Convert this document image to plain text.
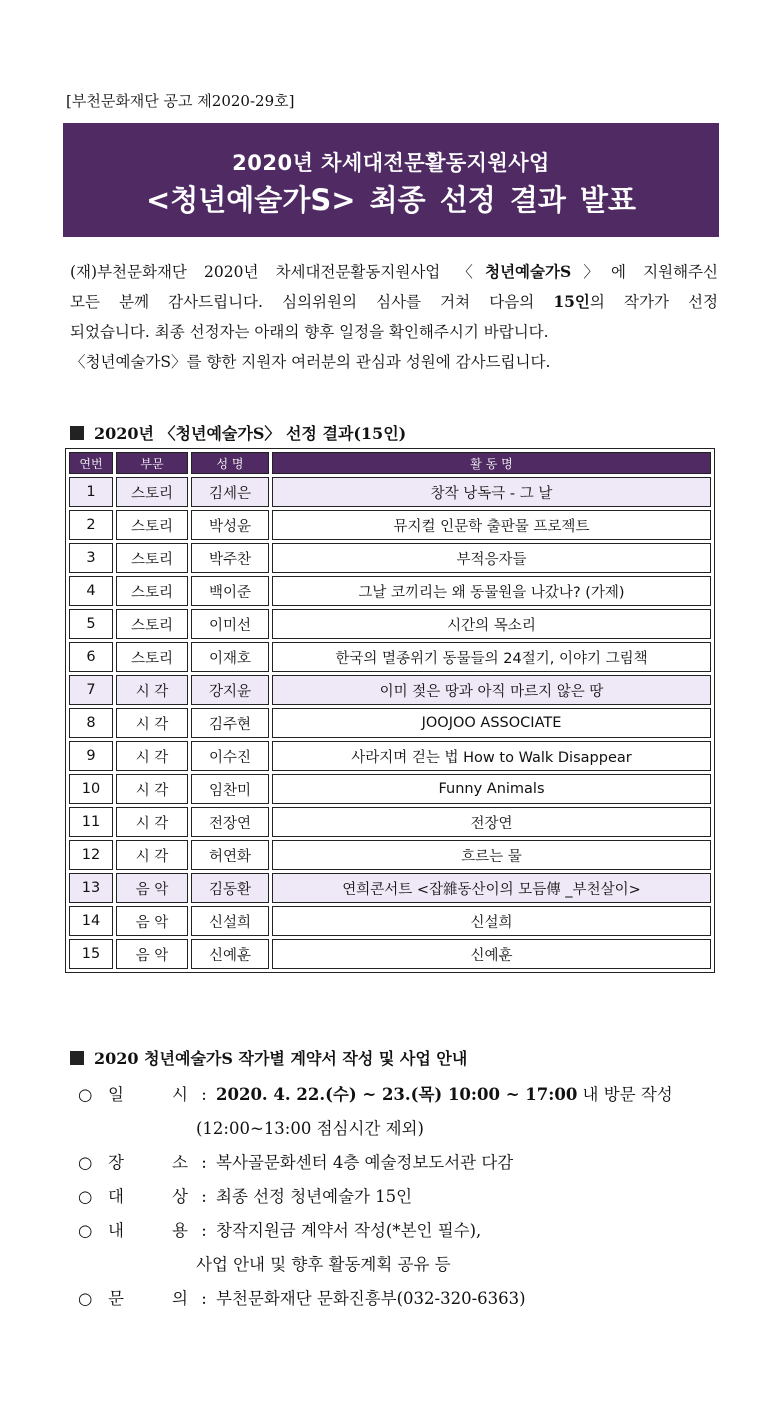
[부천문화재단 공고 제2020-29호]
2020년 차세대전문활동지원사업
<청년예술가S> 최종 선정 결과 발표

(재)부천문화재단 2020년 차세대전문활동지원사업 〈청년예술가S〉에 지원해주신

모든 분께 감사드립니다. 심의위원의 심사를 거쳐 다음의 15인의 작가가 선정

되었습니다. 최종 선정자는 아래의 향후 일정을 확인해주시기 바랍니다.

〈청년예술가S〉를 향한 지원자 여러분의 관심과 성원에 감사드립니다.

2020년 〈청년예술가S〉 선정 결과(15인)
연번	부문	성 명	활 동 명
1	스토리	김세은	창작 낭독극 - 그 날
2	스토리	박성윤	뮤지컬 인문학 출판물 프로젝트
3	스토리	박주찬	부적응자들
4	스토리	백이준	그날 코끼리는 왜 동물원을 나갔나? (가제)
5	스토리	이미선	시간의 목소리
6	스토리	이재호	한국의 멸종위기 동물들의 24절기, 이야기 그림책
7	시 각	강지윤	이미 젖은 땅과 아직 마르지 않은 땅
8	시 각	김주현	JOOJOO ASSOCIATE
9	시 각	이수진	사라지며 걷는 법 How to Walk Disappear
10	시 각	임찬미	Funny Animals
11	시 각	전장연	전장연
12	시 각	허연화	흐르는 물
13	음 악	김동환	연희콘서트 <잡雜동산이의 모듬傳 _부천살이>
14	음 악	신설희	신설희
15	음 악	신예훈	신예훈
2020 청년예술가S 작가별 계약서 작성 및 사업 안내
○ 일	시 : 2020. 4. 22.(수) ~ 23.(목) 10:00 ~ 17:00 내 방문 작성
(12:00~13:00 점심시간 제외)
○ 장	소 : 복사골문화센터 4층 예술정보도서관 다감
○ 대	상 : 최종 선정 청년예술가 15인
○ 내	용 : 창작지원금 계약서 작성(*본인 필수),
사업 안내 및 향후 활동계획 공유 등
○ 문	의 : 부천문화재단 문화진흥부(032-320-6363)
